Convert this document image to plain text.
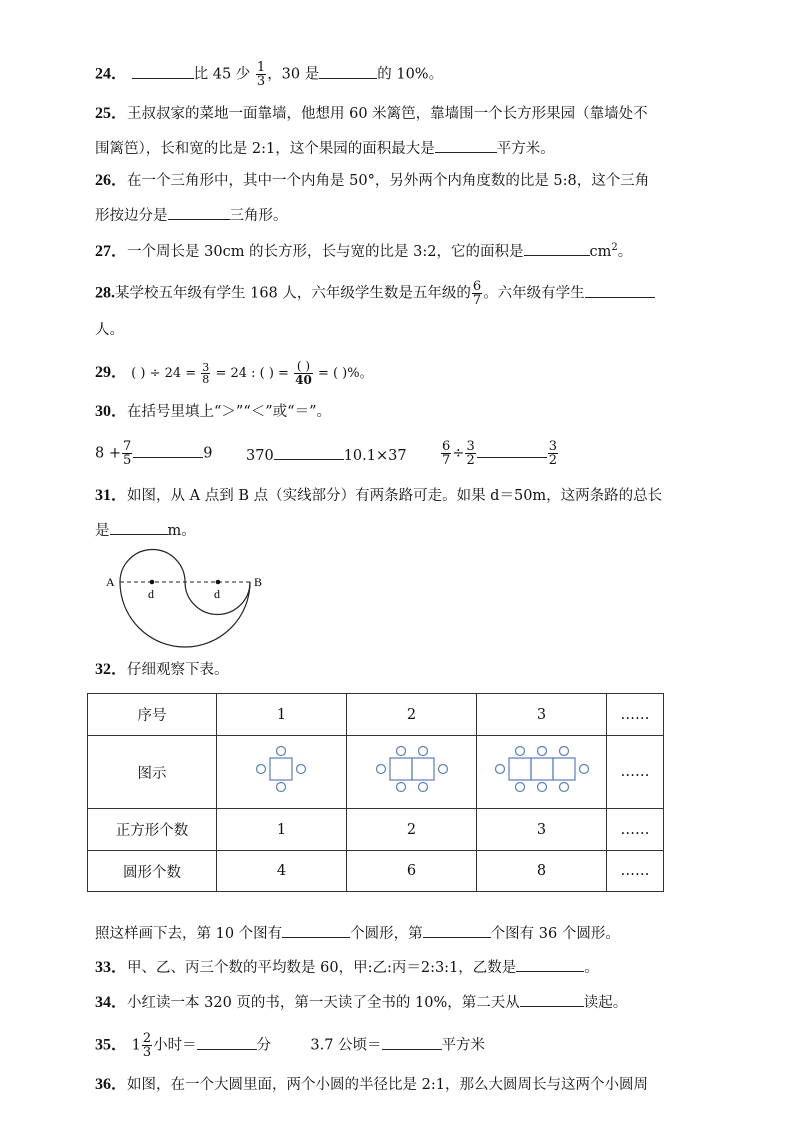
24．	比 45 少 $\frac{1}{3}$ ，30 是	的 10%。
25．王叔叔家的菜地一面靠墙，他想用 60 米篱笆，靠墙围一个长方形果园（靠墙处不
围篱笆），长和宽的比是 2:1，这个果园的面积最大是	平方米。
26．在一个三角形中，其中一个内角是 50°，另外两个内角度数的比是 5:8，这个三角
形按边分是	三角形。
27．一个周长是 30cm 的长方形，长与宽的比是 3:2，它的面积是	$cm^2$。
28.某学校五年级有学生 168 人，六年级学生数是五年级的 $\frac{6}{7}$ 。六年级有学生
人。
29． ( ) ÷ $24 = \frac{3}{8} = 24$ : ( ) = $\frac{( )}{40}$ = ( )%。
30．在括号里填上“＞”“＜”或“＝”。
$8 + \frac{7}{5}$	9 370	10.1×37	$\frac{6}{7} \div \frac{3}{2}$	$\frac{3}{2}$
31．如图，从 A 点到 B 点（实线部分）有两条路可走。如果 d＝50m，这两条路的总长
是	m。
A	B
d	d
32．仔细观察下表。
序号	1	2	3	……
图示				……
正方形个数	1	2	3	……
圆形个数	4	6	8	……
照这样画下去，第 10 个图有	个圆形，第	个图有 36 个圆形。
33．甲、乙、丙三个数的平均数是 60，甲:乙:丙＝2:3:1，乙数是	。
34．小红读一本 320 页的书，第一天读了全书的 10%，第二天从	读起。
35． $1 \frac{2}{3}$ 小时＝	分	3.7 公顷＝	平方米
36．如图，在一个大圆里面，两个小圆的半径比是 2:1，那么大圆周长与这两个小圆周
